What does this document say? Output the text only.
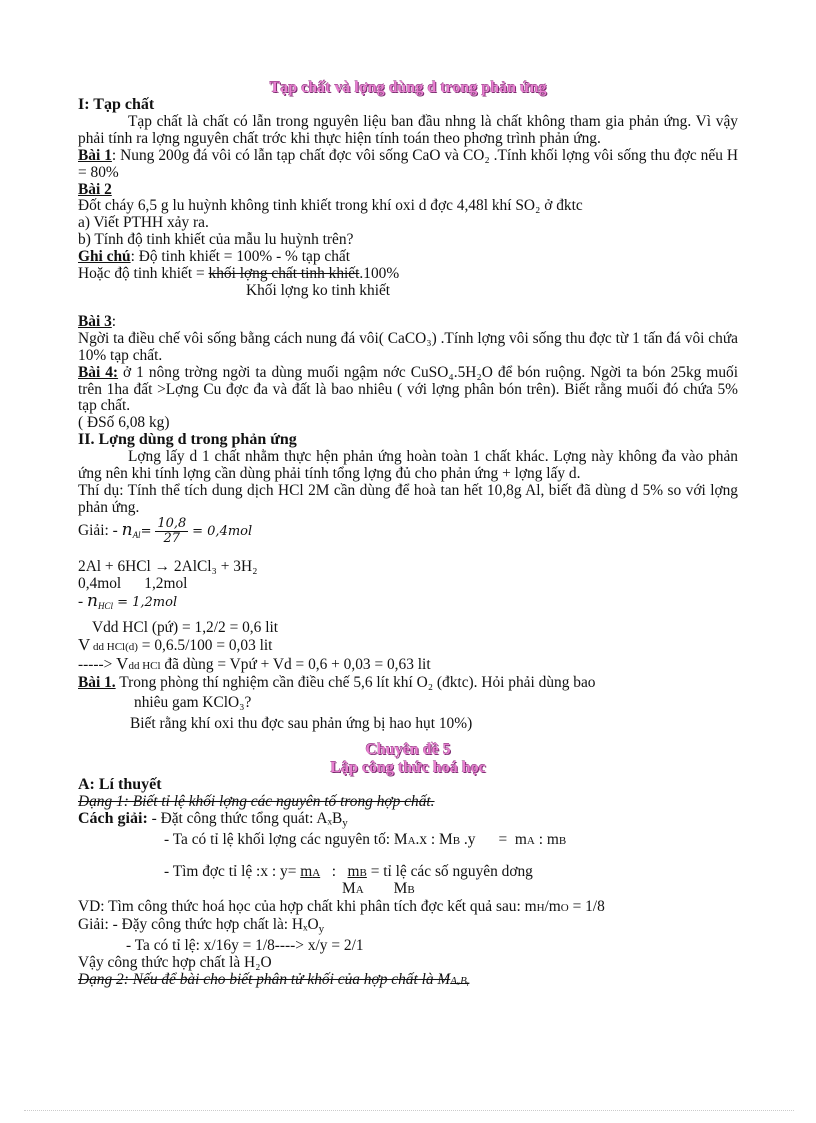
Tạp chất và lợng dùng d trong phản ứng

I: Tạp chất

Tạp chất là chất có lẫn trong nguyên liệu ban đầu nhng là chất không tham gia phản ứng. Vì vậy phải tính ra lợng nguyên chất trớc khi thực hiện tính toán theo phơng trình phản ứng.

Bài 1: Nung 200g đá vôi có lẫn tạp chất đợc vôi sống CaO và CO₂ .Tính khối lợng vôi sống thu đợc nếu H = 80%

Bài 2

Đốt cháy 6,5 g lu huỳnh không tinh khiết trong khí oxi d đợc 4,48l khí SO₂ ở đktc

a) Viết PTHH xảy ra.

b) Tính độ tinh khiết của mẫu lu huỳnh trên?

Ghi chú: Độ tinh khiết = 100% - % tạp chất

Hoặc độ tinh khiết = khối lợng chất tinh khiết.100%

Khối lợng ko tinh khiết

Bài 3:

Ngời ta điều chế vôi sống bằng cách nung đá vôi( CaCO₃) .Tính lợng vôi sống thu đợc từ 1 tấn đá vôi chứa 10% tạp chất.

Bài 4: ở 1 nông trờng ngời ta dùng muối ngậm nớc CuSO₄.5H₂O để bón ruộng. Ngời ta bón 25kg muối trên 1ha đất >Lợng Cu đợc đa và đất là bao nhiêu ( với lợng phân bón trên). Biết rằng muối đó chứa 5% tạp chất.

( ĐSố 6,08 kg)

II. Lợng dùng d trong phản ứng

Lợng lấy d 1 chất nhằm thực hện phản ứng hoàn toàn 1 chất khác. Lợng này không đa vào phản ứng nên khi tính lợng cần dùng phải tính tổng lợng đủ cho phản ứng + lợng lấy d.

Thí dụ: Tính thể tích dung dịch HCl 2M cần dùng để hoà tan hết 10,8g Al, biết đã dùng d 5% so với lợng phản ứng.

Giải: - $nAl= \frac{10,8}{27} = 0,4mol$

2Al + 6HCl → 2AlCl₃ + 3H₂

0,4mol      1,2mol

- nHCl = 1,2mol

Vdd HCl (pứ) = 1,2/2 = 0,6 lit

V dd HCl(d) = 0,6.5/100 = 0,03 lit

-----> Vdd HCl đã dùng = Vpứ + Vd = 0,6 + 0,03 = 0,63 lit

Bài 1. Trong phòng thí nghiệm cần điều chế 5,6 lít khí O₂ (đktc). Hỏi phải dùng bao

nhiêu gam KClO₃?

Biết rằng khí oxi thu đợc sau phản ứng bị hao hụt 10%)

Chuyên đề 5

Lập công thức hoá học

A: Lí thuyết

Dạng 1: Biết tỉ lệ khối lợng các nguyên tố trong hợp chất.

Cách giải: - Đặt công thức tổng quát: AₓBy

- Ta có tỉ lệ khối lợng các nguyên tố: MA.x : MB .y      =  mA : mB

- Tìm đợc tỉ lệ :x : y= mA   :   mB = tỉ lệ các số nguyên dơng

MA MB

VD: Tìm công thức hoá học của hợp chất khi phân tích đợc kết quả sau: mH/mO = 1/8

Giải: - Đặy công thức hợp chất là: HₓOy

- Ta có tỉ lệ: x/16y = 1/8----> x/y = 2/1

Vậy công thức hợp chất là H₂O

Dạng 2: Nếu để bài cho biết phân tử khối của hợp chất là MAₓBᵧ
